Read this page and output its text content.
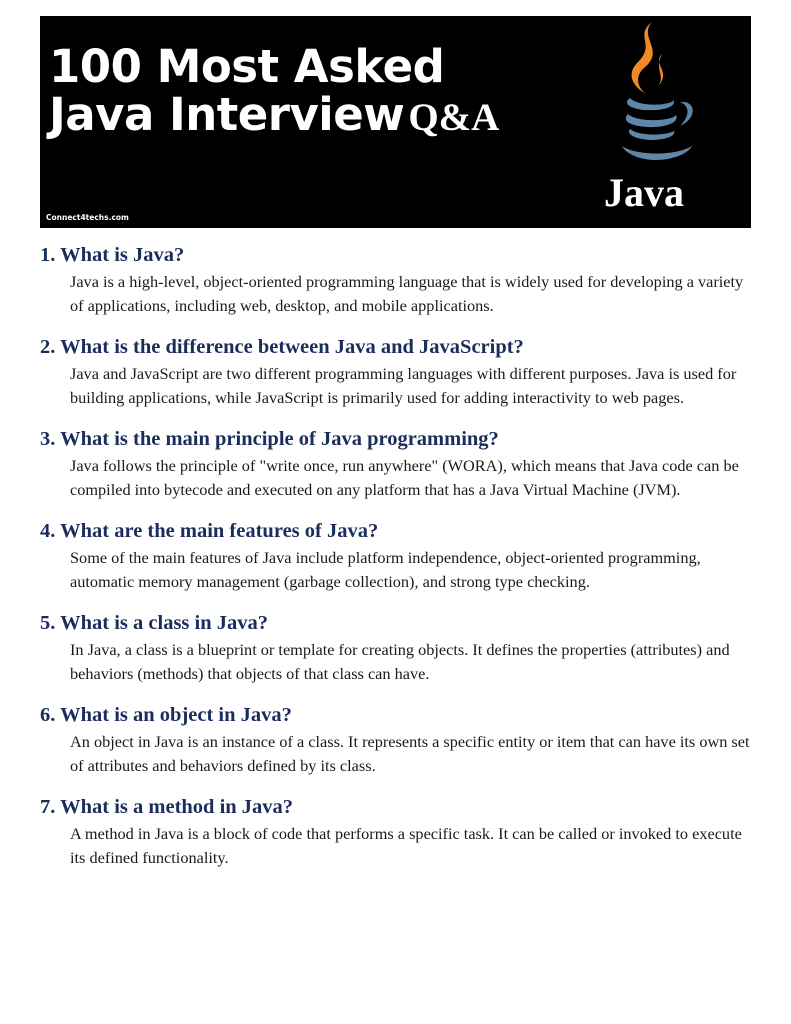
100 Most Asked
Java Interview Q&A
Connect4techs.com
Java
1. What is Java?

Java is a high-level, object-oriented programming language that is widely used for developing a variety of applications, including web, desktop, and mobile applications.

2. What is the difference between Java and JavaScript?

Java and JavaScript are two different programming languages with different purposes. Java is used for building applications, while JavaScript is primarily used for adding interactivity to web pages.

3. What is the main principle of Java programming?

Java follows the principle of "write once, run anywhere" (WORA), which means that Java code can be compiled into bytecode and executed on any platform that has a Java Virtual Machine (JVM).

4. What are the main features of Java?

Some of the main features of Java include platform independence, object-oriented programming, automatic memory management (garbage collection), and strong type checking.

5. What is a class in Java?

In Java, a class is a blueprint or template for creating objects. It defines the properties (attributes) and behaviors (methods) that objects of that class can have.

6. What is an object in Java?

An object in Java is an instance of a class. It represents a specific entity or item that can have its own set of attributes and behaviors defined by its class.

7. What is a method in Java?

A method in Java is a block of code that performs a specific task. It can be called or invoked to execute its defined functionality.
